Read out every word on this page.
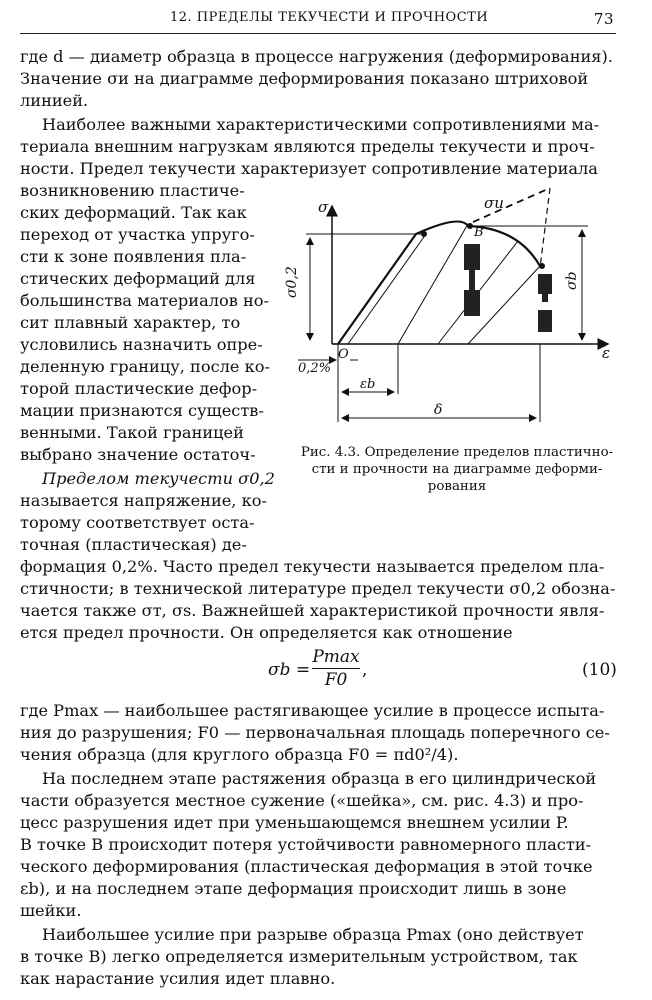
12. ПРЕДЕЛЫ ТЕКУЧЕСТИ И ПРОЧНОСТИ	73
где d — диаметр образца в процессе нагружения (деформирования).
Значение σи на диаграмме деформирования показано штриховой
линией.
Наиболее важными характеристическими сопротивлениями ма-
териала внешним нагрузкам являются пределы текучести и проч-
ности. Предел текучести характеризует сопротивление материала
возникновению пластиче-
ских деформаций. Так как
переход от участка упруго-
сти к зоне появления пла-
стических деформаций для
большинства материалов но-
сит плавный характер, то
условились назначить опре-
деленную границу, после ко-
торой пластические дефор-
мации признаются существ-
венными. Такой границей
выбрано значение остаточ-
Пределом текучести σ0,2
называется напряжение, ко-
торому соответствует оста-
точная (пластическая) де-
формация 0,2%. Часто предел текучести называется пределом пла-
стичности; в технической литературе предел текучести σ0,2 обозна-
чается также σт, σs. Важнейшей характеристикой прочности явля-
ется предел прочности. Он определяется как отношение
σb =
Pmax
F0 ,	(10)
где Pmax — наибольшее растягивающее усилие в процессе испыта-
ния до разрушения; F0 — первоначальная площадь поперечного се-
чения образца (для круглого образца F0 = πd0²/4).
На последнем этапе растяжения образца в его цилиндрической
части образуется местное сужение («шейка», см. рис. 4.3) и про-
цесс разрушения идет при уменьшающемся внешнем усилии P.
В точке B происходит потеря устойчивости равномерного пласти-
ческого деформирования (пластическая деформация в этой точке
εb), и на последнем этапе деформация происходит лишь в зоне
шейки.
Наибольшее усилие при разрыве образца Pmax (оно действует
в точке B) легко определяется измерительным устройством, так
как нарастание усилия идет плавно.
σ
ε
O
B
σи
σ0,2	σb
0,2%
εb
δ
Рис. 4.3. Определение пределов пластично-
сти и прочности на диаграмме деформи-
рования
